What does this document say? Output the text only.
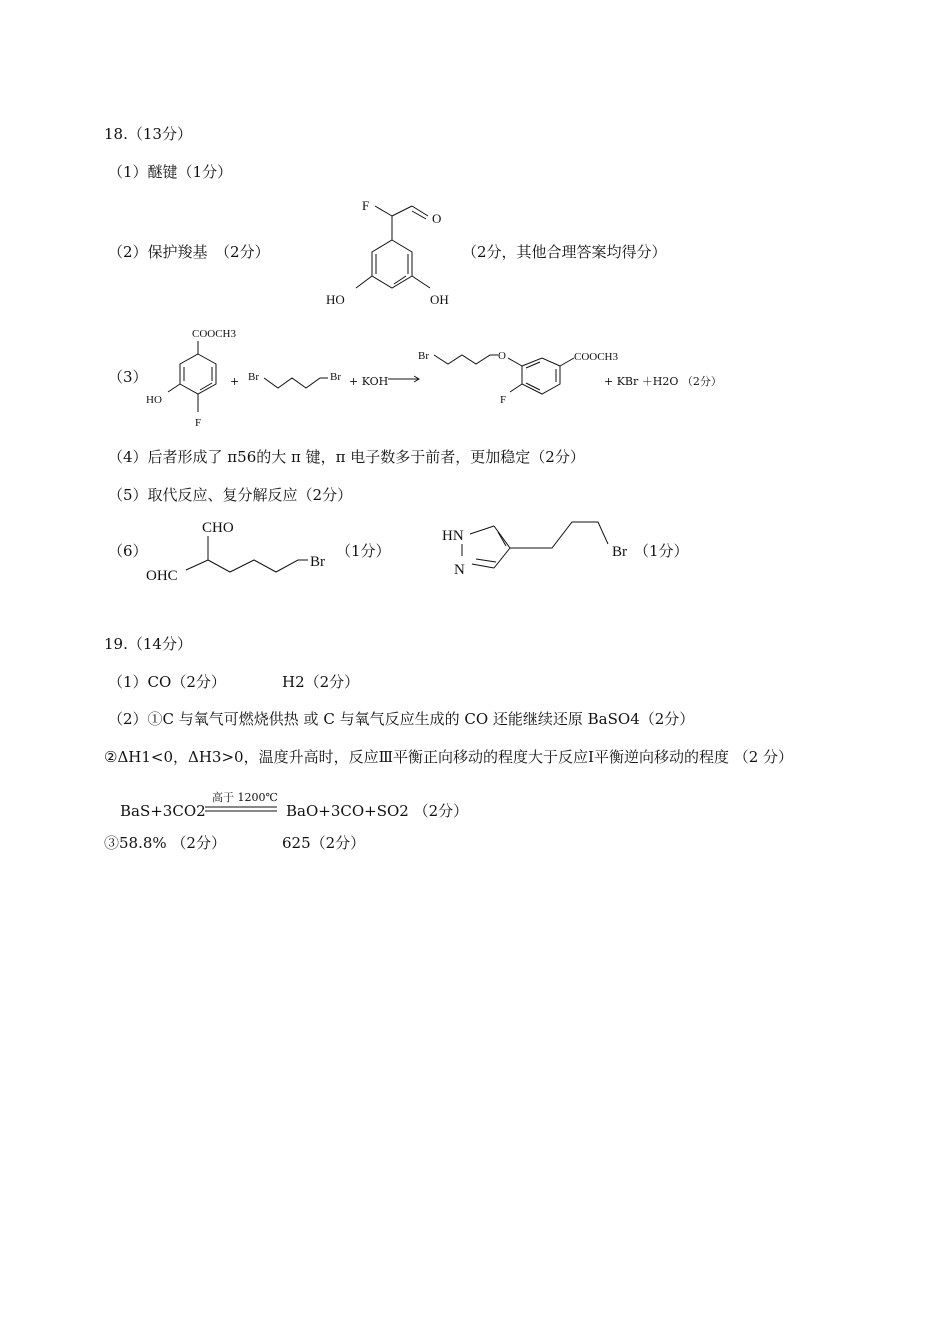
18.（13分）
（1）醚键（1分）
（2）保护羧基　（2分）
F
O
HO	OH
（2分，其他合理答案均得分）
（3）
COOCH3
HO
F
+ Br	Br + KOH →
Br	O	COOCH3
F
+ KBr ＋H2O （2分）
（4）后者形成了 π56的大 π 键，π 电子数多于前者，更加稳定（2分）
（5）取代反应、复分解反应（2分）
（6）
CHO
OHC
Br
（1分）
HN
N
Br （1分）
19.（14分）
（1）CO（2分）	H2（2分）
（2）①C 与氧气可燃烧供热 或 C 与氧气反应生成的 CO 还能继续还原 BaSO4（2分）
②ΔH1<0，ΔH3>0，温度升高时，反应Ⅲ平衡正向移动的程度大于反应Ⅰ平衡逆向移动的程度 （2 分）
BaS+3CO2
高于 1200℃
BaO+3CO+SO2 （2分）
③58.8% （2分）	625（2分）
